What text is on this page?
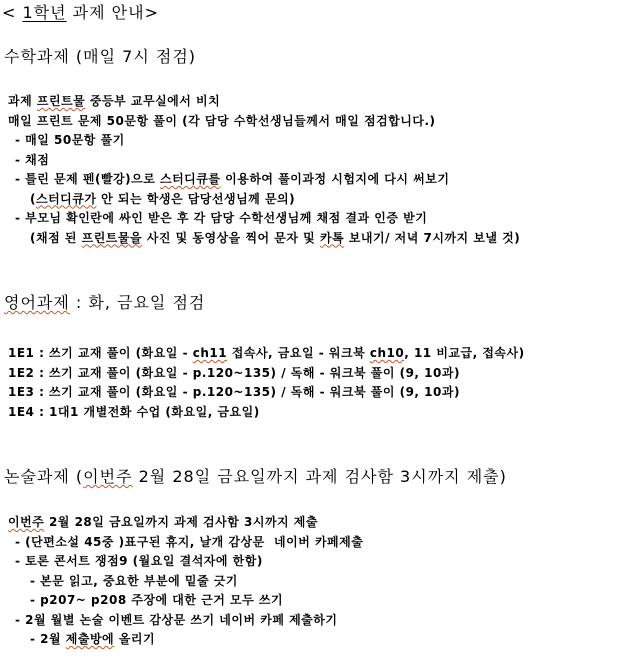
< 1학년 과제 안내>
수학과제 (매일 7시 점검)
과제 프린트물 중등부 교무실에서 비치
매일 프린트 문제 50문항 풀이 (각 담당 수학선생님들께서 매일 점검합니다.)
- 매일 50문항 풀기
- 채점
- 틀린 문제 펜(빨강)으로 스터디큐를 이용하여 풀이과정 시험지에 다시 써보기
(스터디큐가 안 되는 학생은 담당선생님께 문의)
- 부모님 확인란에 싸인 받은 후 각 담당 수학선생님께 채점 결과 인증 받기
(채점 된 프린트물을 사진 및 동영상을 찍어 문자 및 카톡 보내기/ 저녁 7시까지 보낼 것)
영어과제 : 화, 금요일 점검
1E1 : 쓰기 교재 풀이 (화요일 - ch11 접속사, 금요일 - 워크북 ch10, 11 비교급, 접속사)
1E2 : 쓰기 교재 풀이 (화요일 - p.120~135) / 독해 - 워크북 풀이 (9, 10과)
1E3 : 쓰기 교재 풀이 (화요일 - p.120~135) / 독해 - 워크북 풀이 (9, 10과)
1E4 : 1대1 개별전화 수업 (화요일, 금요일)
논술과제 (이번주 2월 28일 금요일까지 과제 검사함 3시까지 제출)
이번주 2월 28일 금요일까지 과제 검사함 3시까지 제출
- (단편소설 45중 )표구된 휴지, 날개 감상문  네이버 카페제출
- 토론 콘서트 쟁점9 (월요일 결석자에 한함)
- 본문 읽고, 중요한 부분에 밑줄 긋기
- p207~ p208 주장에 대한 근거 모두 쓰기
- 2월 월별 논술 이벤트 감상문 쓰기 네이버 카페 제출하기
- 2월 제출방에 올리기
